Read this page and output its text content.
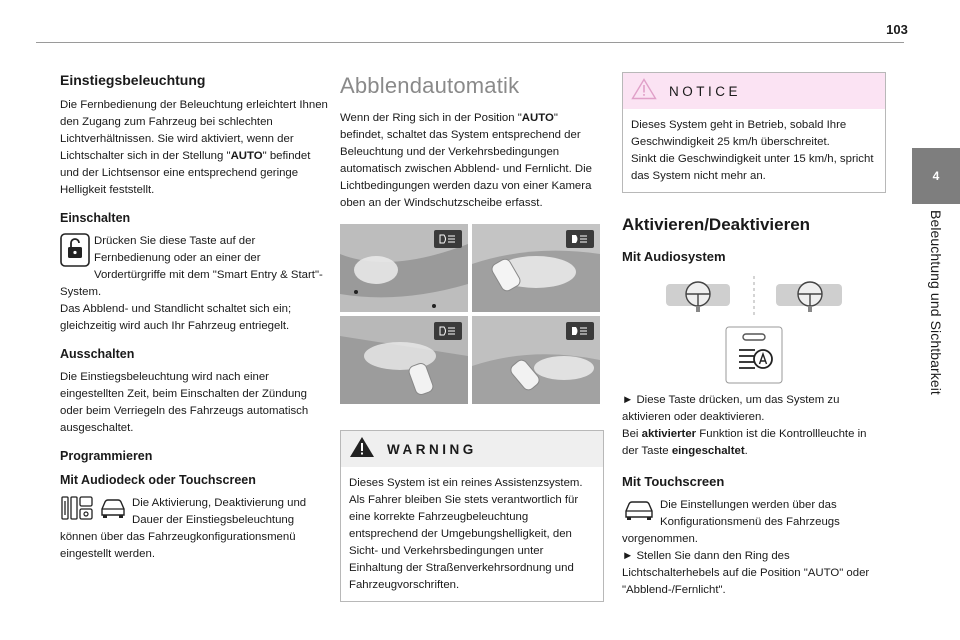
103
4
Beleuchtung und Sichtbarkeit
Einstiegsbeleuchtung

Die Fernbedienung der Beleuchtung erleichtert Ihnen den Zugang zum Fahrzeug bei schlechten Lichtverhältnissen. Sie wird aktiviert, wenn der Lichtschalter sich in der Stellung "AUTO" befindet und der Lichtsensor eine entsprechend geringe Helligkeit feststellt.

Einschalten

Drücken Sie diese Taste auf der Fernbedienung oder an einer der Vordertürgriffe mit dem "Smart Entry & Start"-System.

Das Abblend- und Standlicht schaltet sich ein; gleichzeitig wird auch Ihr Fahrzeug entriegelt.

Ausschalten

Die Einstiegsbeleuchtung wird nach einer eingestellten Zeit, beim Einschalten der Zündung oder beim Verriegeln des Fahrzeugs automatisch ausgeschaltet.

Programmieren
Mit Audiodeck oder Touchscreen

Die Aktivierung, Deaktivierung und Dauer der Einstiegsbeleuchtung können über das Fahrzeugkonfigurationsmenü eingestellt werden.

Abblendautomatik

Wenn der Ring sich in der Position "AUTO" befindet, schaltet das System entsprechend der Beleuchtung und der Verkehrsbedingungen automatisch zwischen Abblend- und Fernlicht. Die Lichtbedingungen werden dazu von einer Kamera oben an der Windschutzscheibe erfasst.

WARNING

Dieses System ist ein reines Assistenzsystem. Als Fahrer bleiben Sie stets verantwortlich für eine korrekte Fahrzeugbeleuchtung entsprechend der Umgebungshelligkeit, den Sicht- und Verkehrsbedingungen unter Einhaltung der Straßenverkehrsordnung und Fahrzeugvorschriften.

NOTICE

Dieses System geht in Betrieb, sobald Ihre Geschwindigkeit 25 km/h überschreitet.

Sinkt die Geschwindigkeit unter 15 km/h, spricht das System nicht mehr an.

Aktivieren/Deaktivieren
Mit Audiosystem

► Diese Taste drücken, um das System zu aktivieren oder deaktivieren.

Bei aktivierter Funktion ist die Kontrollleuchte in der Taste eingeschaltet.

Mit Touchscreen

Die Einstellungen werden über das Konfigurationsmenü des Fahrzeugs vorgenommen.

► Stellen Sie dann den Ring des Lichtschalterhebels auf die Position "AUTO" oder "Abblend-/Fernlicht".
